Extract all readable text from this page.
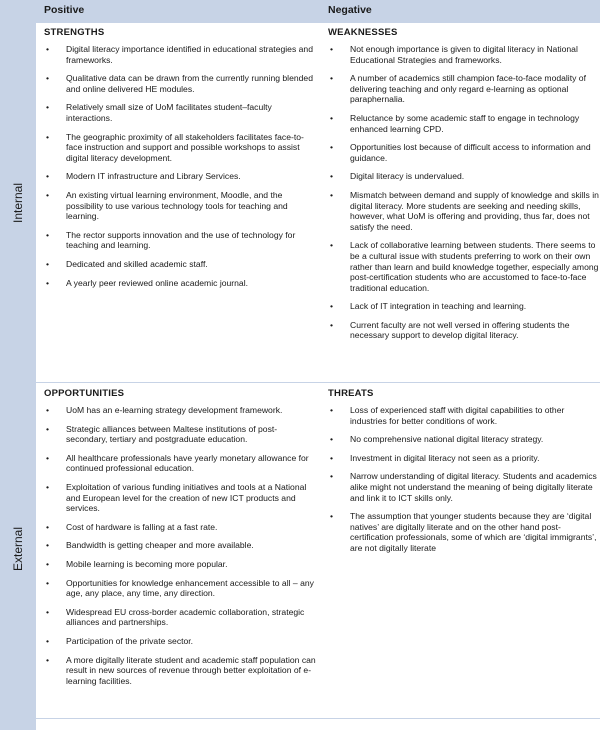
Positive	Negative
Internal
External
STRENGTHS
• Digital literacy importance identified in educational strategies and frameworks.
• Qualitative data can be drawn from the currently running blended and online delivered HE modules.
• Relatively small size of UoM facilitates student–faculty interactions.
• The geographic proximity of all stakeholders facilitates face-to-face instruction and support and possible workshops to assist digital literacy development.
• Modern IT infrastructure and Library Services.
• An existing virtual learning environment, Moodle, and the possibility to use various technology tools for teaching and learning.
• The rector supports innovation and the use of technology for teaching and learning.
• Dedicated and skilled academic staff.
• A yearly peer reviewed online academic journal.
WEAKNESSES
• Not enough importance is given to digital literacy in National Educational Strategies and frameworks.
• A number of academics still champion face-to-face modality of delivering teaching and only regard e-learning as optional paraphernalia.
• Reluctance by some academic staff to engage in technology enhanced learning CPD.
• Opportunities lost because of difficult access to information and guidance.
• Digital literacy is undervalued.
• Mismatch between demand and supply of knowledge and skills in digital literacy. More students are seeking and needing skills, however, what UoM is offering and providing, thus far, does not satisfy the need.
• Lack of collaborative learning between students. There seems to be a cultural issue with students preferring to work on their own rather than learn and build knowledge together, especially among post-certification students who are accustomed to face-to-face traditional education.
• Lack of IT integration in teaching and learning.
• Current faculty are not well versed in offering students the necessary support to develop digital literacy.
OPPORTUNITIES
• UoM has an e-learning strategy development framework.
• Strategic alliances between Maltese institutions of post-secondary, tertiary and postgraduate education.
• All healthcare professionals have yearly monetary allowance for continued professional education.
• Exploitation of various funding initiatives and tools at a National and European level for the creation of new ICT products and services.
• Cost of hardware is falling at a fast rate.
• Bandwidth is getting cheaper and more available.
• Mobile learning is becoming more popular.
• Opportunities for knowledge enhancement accessible to all – any age, any place, any time, any direction.
• Widespread EU cross-border academic collaboration, strategic alliances and partnerships.
• Participation of the private sector.
• A more digitally literate student and academic staff population can result in new sources of revenue through better exploitation of e-learning facilities.
THREATS
• Loss of experienced staff with digital capabilities to other industries for better conditions of work.
• No comprehensive national digital literacy strategy.
• Investment in digital literacy not seen as a priority.
• Narrow understanding of digital literacy. Students and academics alike might not understand the meaning of being digitally literate and link it to ICT skills only.
• The assumption that younger students because they are ‘digital natives’ are digitally literate and on the other hand post-certification professionals, some of which are ‘digital immigrants’, are not digitally literate
